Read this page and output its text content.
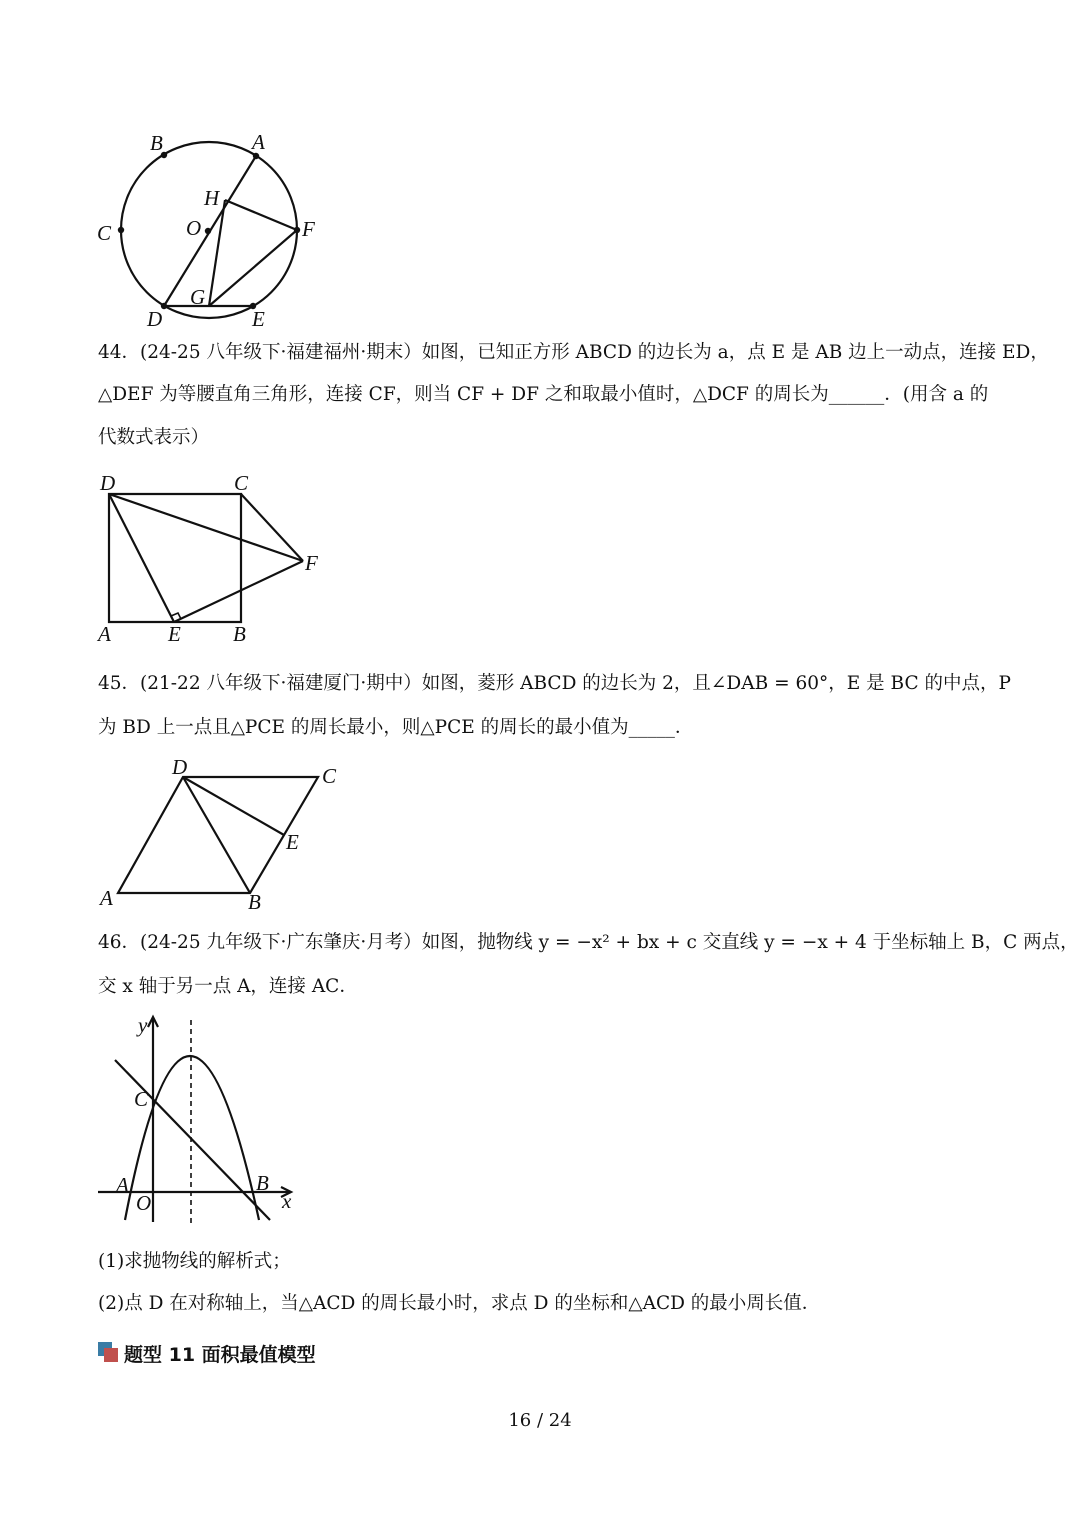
B	A
H
O
C	F
G
D	E
44．(24-25 八年级下·福建福州·期末）如图，已知正方形 ABCD 的边长为 a，点 E 是 AB 边上一动点，连接 ED，
△DEF 为等腰直角三角形，连接 CF，则当 CF + DF 之和取最小值时，△DCF 的周长为______．(用含 a 的
代数式表示）
D	C
F
A	E B
45．(21-22 八年级下·福建厦门·期中）如图，菱形 ABCD 的边长为 2，且∠DAB = 60°，E 是 BC 的中点，P
为 BD 上一点且△PCE 的周长最小，则△PCE 的周长的最小值为_____．
D	C
E
A	B
46．(24-25 九年级下·广东肇庆·月考）如图，抛物线 y = −x² + bx + c 交直线 y = −x + 4 于坐标轴上 B，C 两点，
交 x 轴于另一点 A，连接 AC．
y
C
A
O
B
x
(1)求抛物线的解析式；
(2)点 D 在对称轴上，当△ACD 的周长最小时，求点 D 的坐标和△ACD 的最小周长值．
题型 11 面积最值模型
16 / 24
